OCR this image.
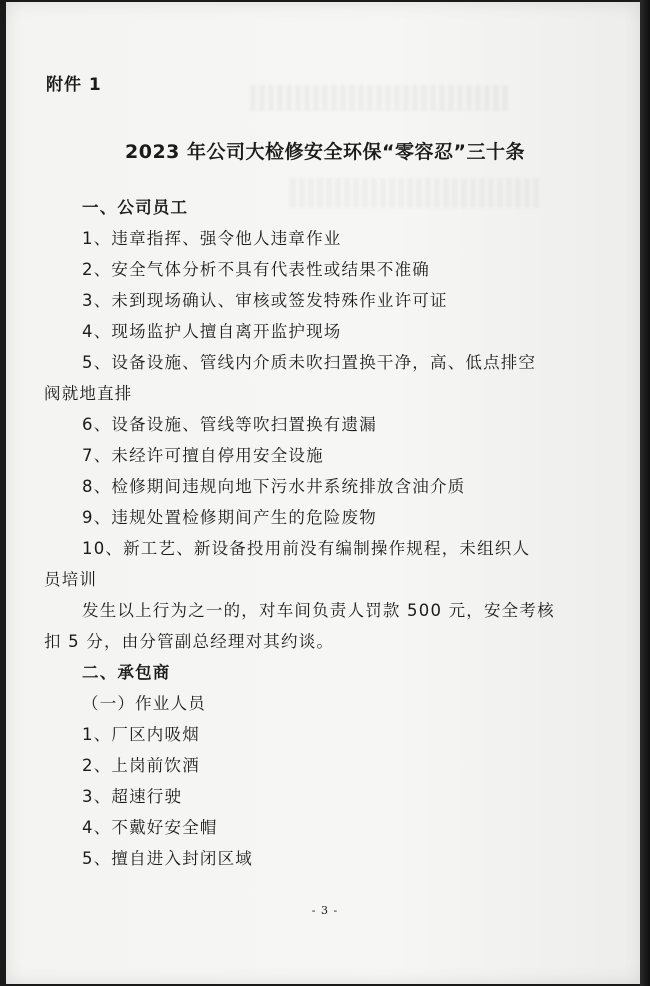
附件 1
2023 年公司大检修安全环保“零容忍”三十条
一、公司员工
1、违章指挥、强令他人违章作业
2、安全气体分析不具有代表性或结果不准确
3、未到现场确认、审核或签发特殊作业许可证
4、现场监护人擅自离开监护现场
5、设备设施、管线内介质未吹扫置换干净，高、低点排空
阀就地直排
6、设备设施、管线等吹扫置换有遗漏
7、未经许可擅自停用安全设施
8、检修期间违规向地下污水井系统排放含油介质
9、违规处置检修期间产生的危险废物
10、新工艺、新设备投用前没有编制操作规程，未组织人
员培训
发生以上行为之一的，对车间负责人罚款 500 元，安全考核
扣 5 分，由分管副总经理对其约谈。
二、承包商
（一）作业人员
1、厂区内吸烟
2、上岗前饮酒
3、超速行驶
4、不戴好安全帽
5、擅自进入封闭区域
- 3 -
